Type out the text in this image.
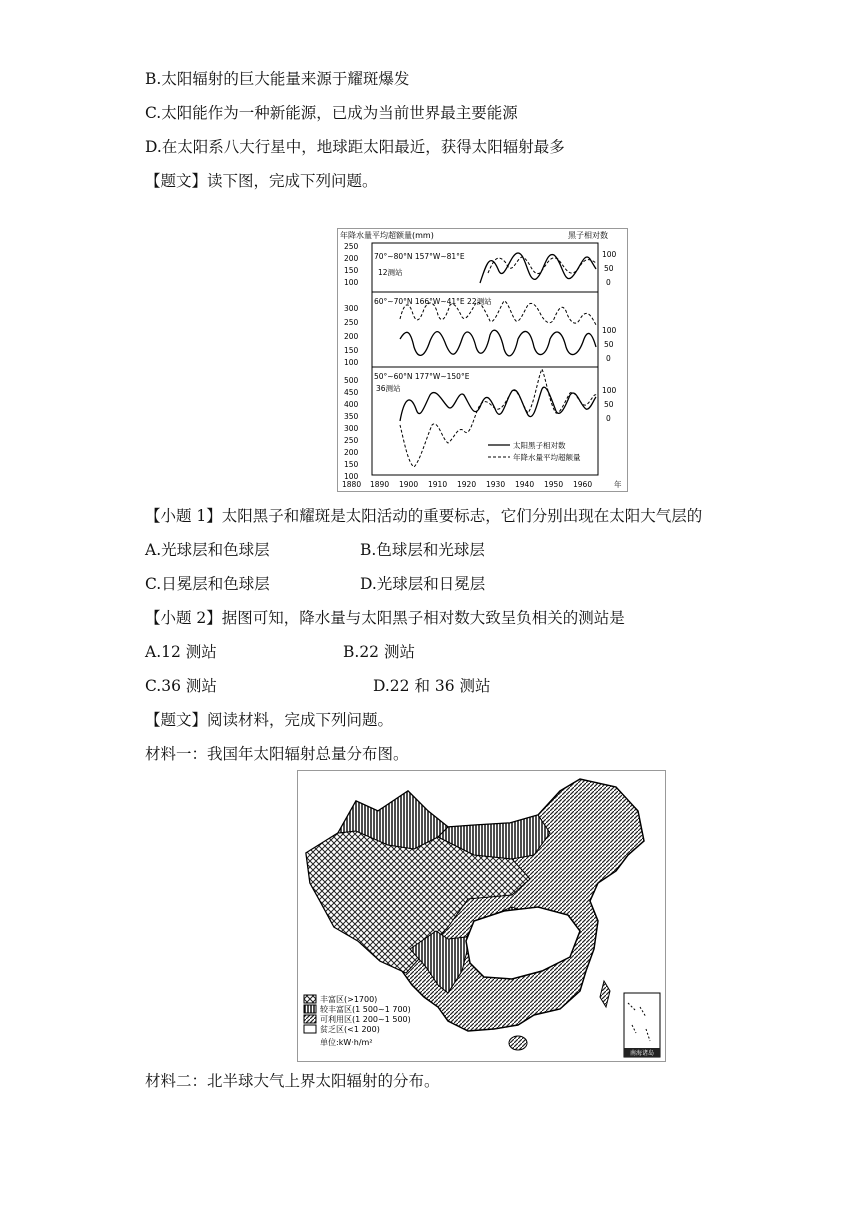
B.太阳辐射的巨大能量来源于耀斑爆发
C.太阳能作为一种新能源，已成为当前世界最主要能源
D.在太阳系八大行星中，地球距太阳最近，获得太阳辐射最多
【题文】读下图，完成下列问题。
年降水量平均超额量(mm)	黑子相对数
70°~80°N 157°W~81°E
12测站
250
200
150
100
100
50
0
60°~70°N 166°W~41°E 22测站
300
250
200
150
100
100
50
0
50°~60°N 177°W~150°E
36测站
500
450
400
350
300
250
200
150
100
100
50
0
太阳黑子相对数
年降水量平均超额量
1880 1890 1900 1910 1920 1930 1940 1950 1960	年
【小题 1】太阳黑子和耀斑是太阳活动的重要标志，它们分别出现在太阳大气层的
A.光球层和色球层	B.色球层和光球层
C.日冕层和色球层	D.光球层和日冕层
【小题 2】据图可知，降水量与太阳黑子相对数大致呈负相关的测站是
A.12 测站	B.22 测站
C.36 测站	D.22 和 36 测站
【题文】阅读材料，完成下列问题。
材料一：我国年太阳辐射总量分布图。
南海诸岛
丰富区(>1700)
较丰富区(1 500~1 700)
可利用区(1 200~1 500)
贫乏区(<1 200)
单位:kW·h/m²
材料二：北半球大气上界太阳辐射的分布。
